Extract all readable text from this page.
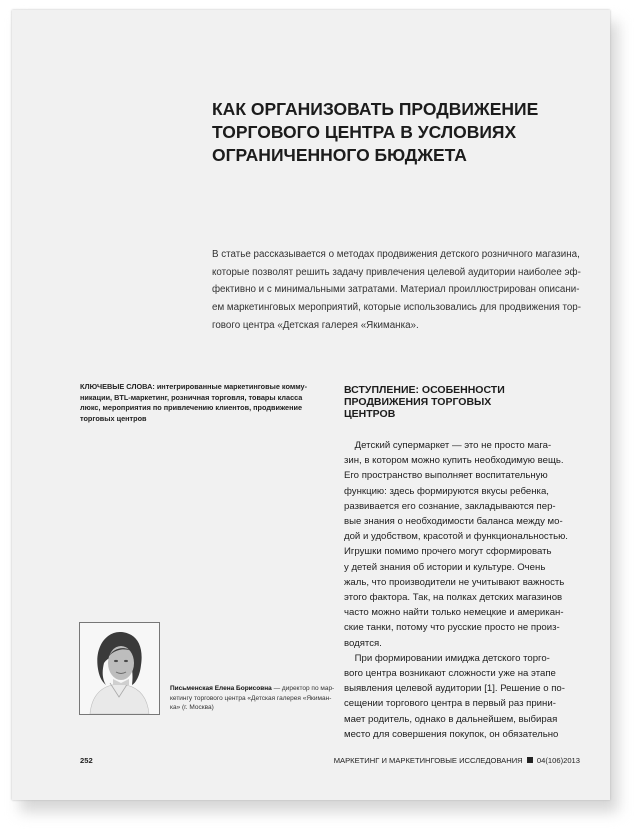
КАК ОРГАНИЗОВАТЬ ПРОДВИЖЕНИЕ
ТОРГОВОГО ЦЕНТРА В УСЛОВИЯХ
ОГРАНИЧЕННОГО БЮДЖЕТА
В статье рассказывается о методах продвижения детского розничного магазина,
которые позволят решить задачу привлечения целевой аудитории наиболее эф-
фективно и с минимальными затратами. Материал проиллюстрирован описани-
ем маркетинговых мероприятий, которые использовались для продвижения тор-
гового центра «Детская галерея «Якиманка».
КЛЮЧЕВЫЕ СЛОВА: интегрированные маркетинговые комму-
никации, BTL-маркетинг, розничная торговля, товары класса
люкс, мероприятия по привлечению клиентов, продвижение
торговых центров
ВСТУПЛЕНИЕ: ОСОБЕННОСТИ
ПРОДВИЖЕНИЯ ТОРГОВЫХ
ЦЕНТРОВ
Детский супермаркет — это не просто мага-
зин, в котором можно купить необходимую вещь.
Его пространство выполняет воспитательную
функцию: здесь формируются вкусы ребенка,
развивается его сознание, закладываются пер-
вые знания о необходимости баланса между мо-
дой и удобством, красотой и функциональностью.
Игрушки помимо прочего могут сформировать
у детей знания об истории и культуре. Очень
жаль, что производители не учитывают важность
этого фактора. Так, на полках детских магазинов
часто можно найти только немецкие и американ-
ские танки, потому что русские просто не произ-
водятся.
При формировании имиджа детского торго-
вого центра возникают сложности уже на этапе
выявления целевой аудитории [1]. Решение о по-
сещении торгового центра в первый раз прини-
мает родитель, однако в дальнейшем, выбирая
место для совершения покупок, он обязательно
Письменская Елена Борисовна — директор по мар-
кетингу торгового центра «Детская галерея «Якиман-
ка» (г. Москва)
252	МАРКЕТИНГ И МАРКЕТИНГОВЫЕ ИССЛЕДОВАНИЯ 04(106)2013
